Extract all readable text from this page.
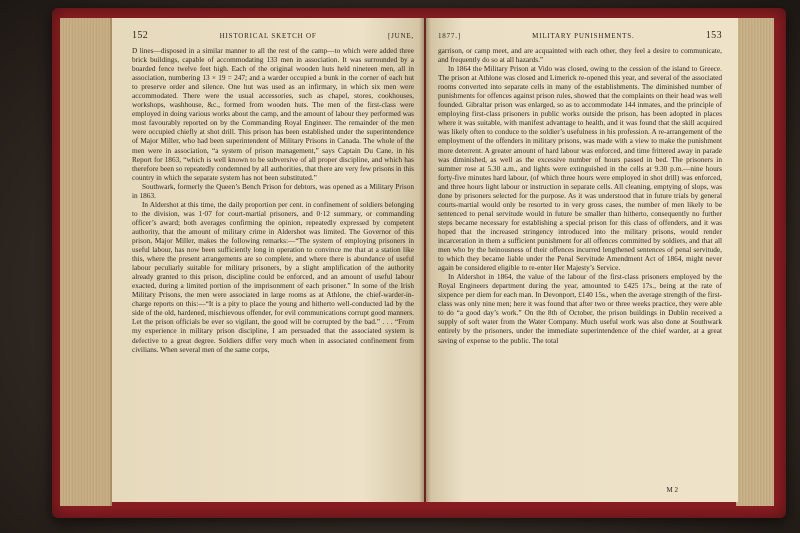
152	HISTORICAL SKETCH OF	[JUNE,

D lines—disposed in a similar manner to all the rest of the camp—to which were added three brick buildings, capable of accommodating 133 men in association. It was surrounded by a boarded fence twelve feet high. Each of the original wooden huts held nineteen men, all in association, numbering 13 × 19 = 247; and a warder occupied a bunk in the corner of each hut to preserve order and silence. One hut was used as an infirmary, in which six men were accommodated. There were the usual accessories, such as chapel, stores, cookhouses, workshops, washhouse, &c., formed from wooden huts. The men of the first-class were employed in doing various works about the camp, and the amount of labour they performed was most favourably reported on by the Commanding Royal Engineer. The remainder of the men were occupied chiefly at shot drill. This prison has been established under the superintendence of Major Miller, who had been superintendent of Military Prisons in Canada. The whole of the men were in association, “a system of prison management,” says Captain Du Cane, in his Report for 1863, “which is well known to be subversive of all proper discipline, and which has therefore been so repeatedly condemned by all authorities, that there are very few prisons in this country in which the separate system has not been substituted.”

Southwark, formerly the Queen’s Bench Prison for debtors, was opened as a Military Prison in 1863.

In Aldershot at this time, the daily proportion per cent. in confinement of soldiers belonging to the division, was 1·07 for court-martial prisoners, and 0·12 summary, or commanding officer’s award; both averages confirming the opinion, repeatedly expressed by competent authority, that the amount of military crime in Aldershot was limited. The Governor of this prison, Major Miller, makes the following remarks:—“The system of employing prisoners in useful labour, has now been sufficiently long in operation to convince me that at a station like this, where the present arrangements are so complete, and where there is abundance of useful labour peculiarly suitable for military prisoners, by a slight amplification of the authority already granted to this prison, discipline could be enforced, and an amount of useful labour exacted, during a limited portion of the imprisonment of each prisoner.” In some of the Irish Military Prisons, the men were associated in large rooms as at Athlone, the chief-warder-in-charge reports on this:—“It is a pity to place the young and hitherto well-conducted lad by the side of the old, hardened, mischievous offender, for evil communications corrupt good manners. Let the prison officials be ever so vigilant, the good will be corrupted by the bad.” . . . “From my experience in military prison discipline, I am persuaded that the associated system is defective to a great degree. Soldiers differ very much when in associated confinement from civilians. When several men of the same corps,

1877.]	MILITARY PUNISHMENTS.	153

garrison, or camp meet, and are acquainted with each other, they feel a desire to communicate, and frequently do so at all hazards.”

In 1864 the Military Prison at Vido was closed, owing to the cession of the island to Greece. The prison at Athlone was closed and Limerick re-opened this year, and several of the associated rooms converted into separate cells in many of the establishments. The diminished number of punishments for offences against prison rules, showed that the complaints on their head was well founded. Gibraltar prison was enlarged, so as to accommodate 144 inmates, and the principle of employing first-class prisoners in public works outside the prison, has been adopted in places where it was suitable, with manifest advantage to health, and it was found that the skill acquired was likely often to conduce to the soldier’s usefulness in his profession. A re-arrangement of the employment of the offenders in military prisons, was made with a view to make the punishment more deterrent. A greater amount of hard labour was enforced, and time frittered away in parade was diminished, as well as the excessive number of hours passed in bed. The prisoners in summer rose at 5.30 a.m., and lights were extinguished in the cells at 9.30 p.m.—nine hours forty-five minutes hard labour, (of which three hours were employed in shot drill) was enforced, and three hours light labour or instruction in separate cells. All cleaning, emptying of slops, was done by prisoners selected for the purpose. As it was understood that in future trials by general courts-martial would only be resorted to in very gross cases, the number of men likely to be sentenced to penal servitude would in future be smaller than hitherto, consequently no further steps became necessary for establishing a special prison for this class of offenders, and it was hoped that the increased stringency introduced into the military prisons, would render incarceration in them a sufficient punishment for all offences committed by soldiers, and that all men who by the heinousness of their offences incurred lengthened sentences of penal servitude, to which they became liable under the Penal Servitude Amendment Act of 1864, might never again be considered eligible to re-enter Her Majesty’s Service.

In Aldershot in 1864, the value of the labour of the first-class prisoners employed by the Royal Engineers department during the year, amounted to £425 17s., being at the rate of sixpence per diem for each man. In Devonport, £140 15s., when the average strength of the first-class was only nine men; here it was found that after two or three weeks practice, they were able to do “a good day’s work.” On the 8th of October, the prison buildings in Dublin received a supply of soft water from the Water Company. Much useful work was also done at Southwark entirely by the prisoners, under the immediate superintendence of the chief warder, at a great saving of expense to the public. The total

M 2
